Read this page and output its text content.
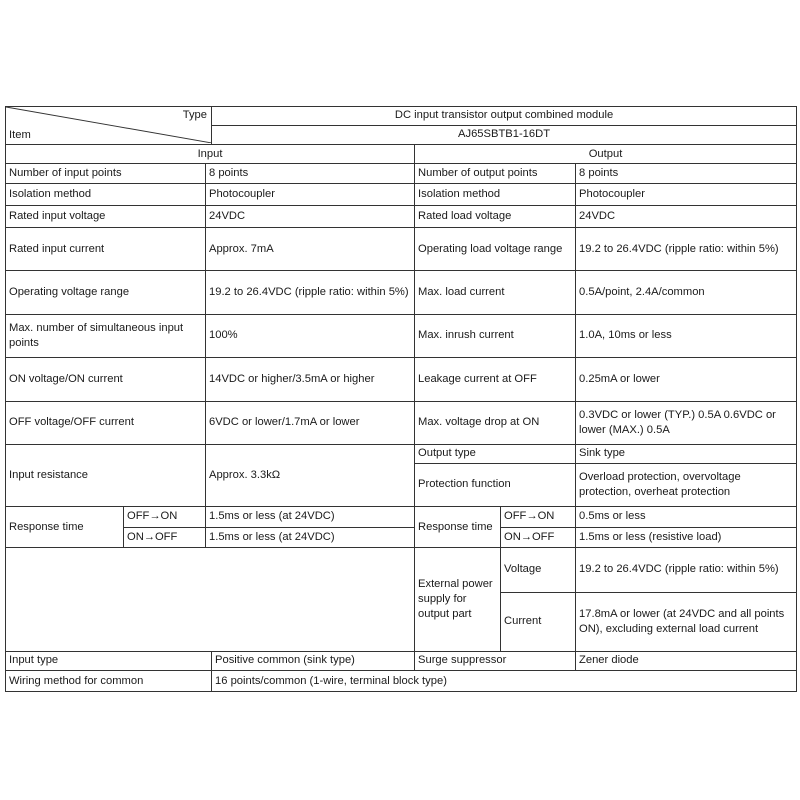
Type
Item			DC input transistor output combined module			
			AJ65SBTB1-16DT			
Input				Output		
Number of input points		8 points		Number of output points		8 points
Isolation method		Photocoupler		Isolation method		Photocoupler
Rated input voltage		24VDC		Rated load voltage		24VDC
Rated input current		Approx. 7mA		Operating load voltage range		19.2 to 26.4VDC (ripple ratio: within 5%)
Operating voltage range		19.2 to 26.4VDC (ripple ratio: within 5%)		Max. load current		0.5A/point, 2.4A/common
Max. number of simultaneous input points		100%		Max. inrush current		1.0A, 10ms or less
ON voltage/ON current		14VDC or higher/3.5mA or higher		Leakage current at OFF		0.25mA or lower
OFF voltage/OFF current		6VDC or lower/1.7mA or lower		Max. voltage drop at ON		0.3VDC or lower (TYP.) 0.5A 0.6VDC or lower (MAX.) 0.5A
Input resistance		Approx. 3.3kΩ		Output type		Sink type
				Protection function		Overload protection, overvoltage protection, overheat protection
Response time	OFF→ON	1.5ms or less (at 24VDC)		Response time	OFF→ON	0.5ms or less
	ON→OFF	1.5ms or less (at 24VDC)			ON→OFF	1.5ms or less (resistive load)
				External power supply for output part	Voltage	19.2 to 26.4VDC (ripple ratio: within 5%)
					Current	17.8mA or lower (at 24VDC and all points ON), excluding external load current
Input type			Positive common (sink type)	Surge suppressor		Zener diode
Wiring method for common			16 points/common (1-wire, terminal block type)			
